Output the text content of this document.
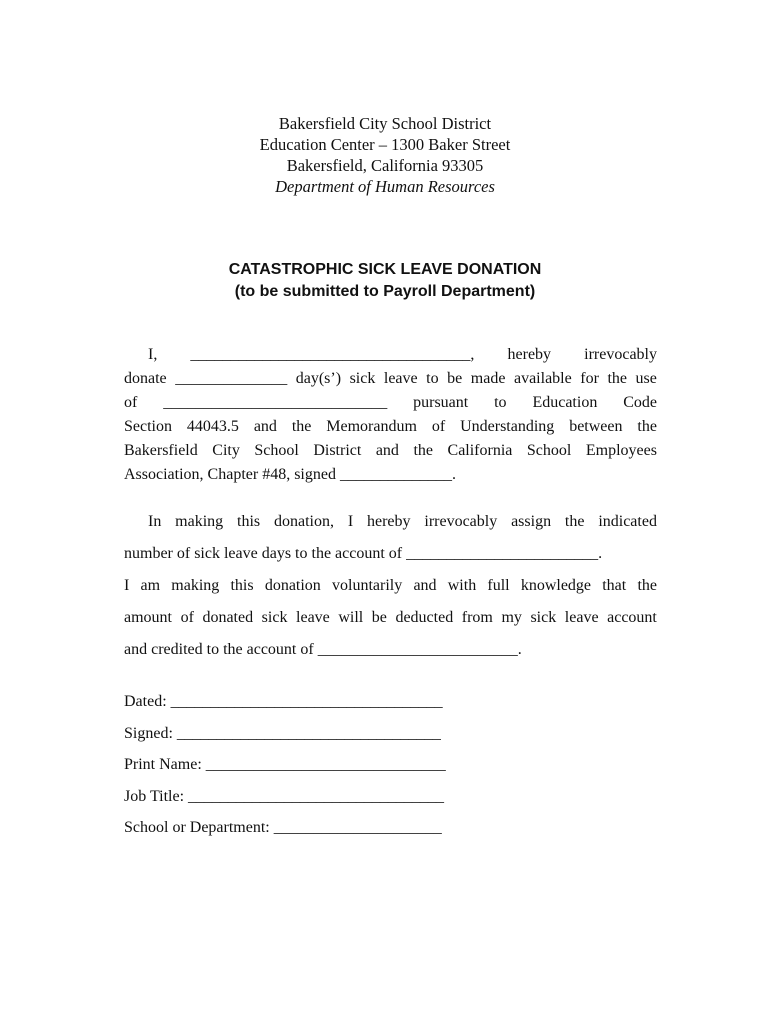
Bakersfield City School District
Education Center – 1300 Baker Street
Bakersfield, California 93305
Department of Human Resources
CATASTROPHIC SICK LEAVE DONATION
(to be submitted to Payroll Department)
I, ___________________________________, hereby irrevocably
donate ______________ day(s’) sick leave to be made available for the use
of ____________________________ pursuant to Education Code
Section 44043.5 and the Memorandum of Understanding between the
Bakersfield City School District and the California School Employees
Association, Chapter #48, signed ______________.
In making this donation, I hereby irrevocably assign the indicated
number of sick leave days to the account of ________________________.
I am making this donation voluntarily and with full knowledge that the
amount of donated sick leave will be deducted from my sick leave account
and credited to the account of _________________________.
Dated: __________________________________
Signed: _________________________________
Print Name: ______________________________
Job Title: ________________________________
School or Department: _____________________
